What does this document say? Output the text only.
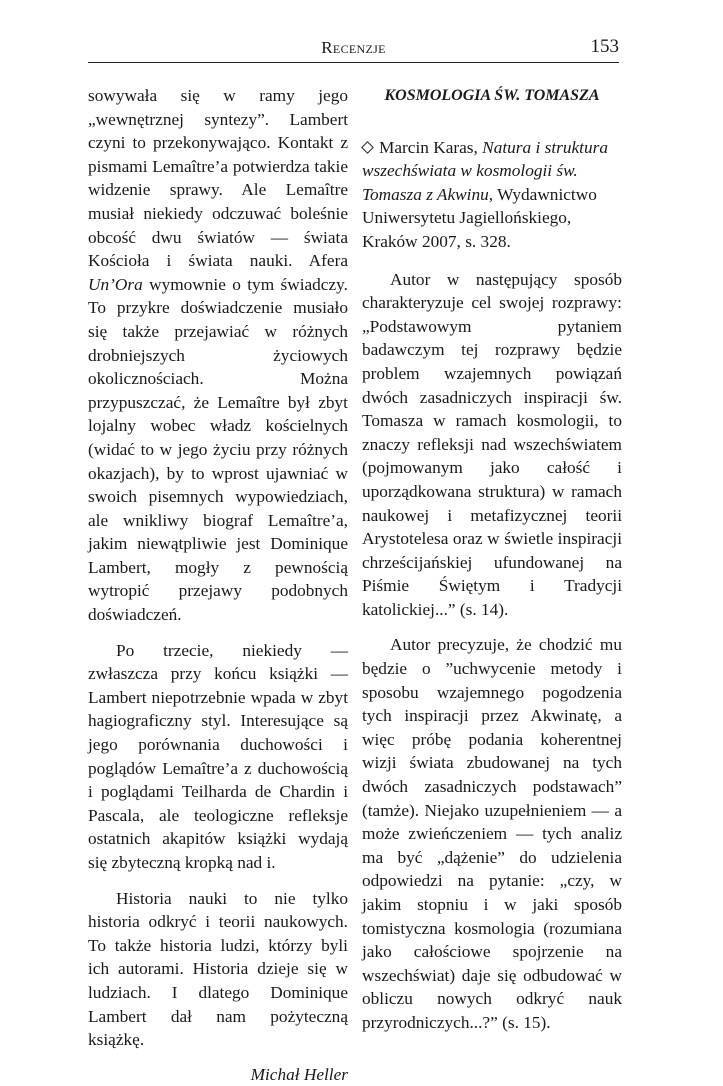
Recenzje	153

sowywała się w ramy jego „wewnętrznej syntezy”. Lambert czyni to przekonywająco. Kontakt z pismami Lemaître’a potwierdza takie widzenie sprawy. Ale Lemaître musiał niekiedy odczuwać boleśnie obcość dwu światów — świata Kościoła i świata nauki. Afera Un’Ora wymownie o tym świadczy. To przykre doświadczenie musiało się także przejawiać w różnych drobniejszych życiowych okolicznościach. Można przypuszczać, że Lemaître był zbyt lojalny wobec władz kościelnych (widać to w jego życiu przy różnych okazjach), by to wprost ujawniać w swoich pisemnych wypowiedziach, ale wnikliwy biograf Lemaître’a, jakim niewątpliwie jest Dominique Lambert, mogły z pewnością wytropić przejawy podobnych doświadczeń.

Po trzecie, niekiedy — zwłaszcza przy końcu książki — Lambert niepotrzebnie wpada w zbyt hagiograficzny styl. Interesujące są jego porównania duchowości i poglądów Lemaître’a z duchowością i poglądami Teilharda de Chardin i Pascala, ale teologiczne refleksje ostatnich akapitów książki wydają się zbyteczną kropką nad i.

Historia nauki to nie tylko historia odkryć i teorii naukowych. To także historia ludzi, którzy byli ich autorami. Historia dzieje się w ludziach. I dlatego Dominique Lambert dał nam pożyteczną książkę.

Michał Heller

KOSMOLOGIA ŚW. TOMASZA

Marcin Karas, Natura i struktura wszechświata w kosmologii św. Tomasza z Akwinu, Wydawnictwo Uniwersytetu Jagiellońskiego, Kraków 2007, s. 328.

Autor w następujący sposób charakteryzuje cel swojej rozprawy: „Podstawowym pytaniem badawczym tej rozprawy będzie problem wzajemnych powiązań dwóch zasadniczych inspiracji św. Tomasza w ramach kosmologii, to znaczy refleksji nad wszechświatem (pojmowanym jako całość i uporządkowana struktura) w ramach naukowej i metafizycznej teorii Arystotelesa oraz w świetle inspiracji chrześcijańskiej ufundowanej na Piśmie Świętym i Tradycji katolickiej...” (s. 14).

Autor precyzuje, że chodzić mu będzie o ”uchwycenie metody i sposobu wzajemnego pogodzenia tych inspiracji przez Akwinatę, a więc próbę podania koherentnej wizji świata zbudowanej na tych dwóch zasadniczych podstawach” (tamże). Niejako uzupełnieniem — a może zwieńczeniem — tych analiz ma być „dążenie” do udzielenia odpowiedzi na pytanie: „czy, w jakim stopniu i w jaki sposób tomistyczna kosmologia (rozumiana jako całościowe spojrzenie na wszechświat) daje się odbudować w obliczu nowych odkryć nauk przyrodniczych...?” (s. 15).
